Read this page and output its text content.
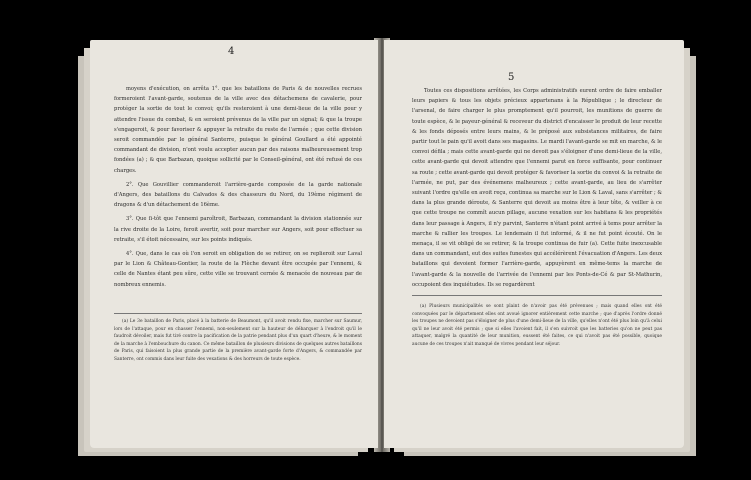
4

moyens d'exécution, on arrêta 1°. que les bataillons de Paris & de nouvelles recrues formeroient l'avant-garde, soutenus de la ville avec des détachemens de cavalerie, pour protéger la sortie de tout le convoi; qu'ils resteroient à une demi-lieue de la ville pour y attendre l'issue du combat, & en seroient prévenus de la ville par un signal; & que la troupe s'engageroit, & pour favoriser & appuyer la retraite du reste de l'armée ; que cette division seroit commandée par le général Santerre, puisque le général Goullard a été appointé commandant de division, n'ont voulu accepter aucun par des raisons malheureusement trop fondées (a) ; & que Barbazan, quoique sollicité par le Conseil-général, ont été refusé de ces charges.

2°. Que Gouvillier commanderoit l'arrière-garde composée de la garde nationale d'Angers, des bataillons du Calvados & des chasseurs du Nord, du 19ème régiment de dragons & d'un détachement de 16ème.

3°. Que ſi-tôt que l'ennemi paroîtroit, Barbazan, commandant la division stationnée sur la rive droite de la Loire, feroit avertir, soit pour marcher sur Angers, soit pour effectuer sa retraite, s'il étoit nécessaire, sur les points indiqués.

4°. Que, dans le cas où l'on seroit en obligation de se retirer, on se replieroit sur Laval par le Lion & Château-Gontier, la route de la Flèche devant être occupée par l'ennemi, & celle de Nantes étant peu sûre, cette ville se trouvant cernée & menacée de nouveau par de nombreux ennemis.

(a) Le 3e bataillon de Paris, placé à la batterie de Beaumont, qu'il avoit rendu fixe, marcher sur Saumur, lors de l'attaque, pour en chasser l'ennemi, non-seulement sur la hauteur de débarquer à l'endroit qu'il le faudroit dévoiler, mais fut tiré contre la pacification de la patrie pendant plus d'un quart d'heure, & le moment de la marche à l'embouchure du canon. Ce même bataillon de plusieurs divisions de quelques autres bataillons de Paris, qui faisoient la plus grande partie de la première avant-garde forte d'Angers, & commandée par Santerre, ont commis dans leur fuite des vexations & des horreurs de toute espèce.

5

Toutes ces dispositions arrêtées, les Corps administratifs eurent ordre de faire emballer leurs papiers & tous les objets précieux appartenans à la République ; le directeur de l'arsenal, de faire charger le plus promptement qu'il pourroit, les munitions de guerre de toute espèce, & le payeur-général & receveur du district d'encaisser le produit de leur recette & les fonds déposés entre leurs mains, & le préposé aux subsistances militaires, de faire partir tout le pain qu'il avoit dans ses magasins. Le mardi l'avant-garde se mit en marche, & le convoi défila ; mais cette avant-garde qui ne devoit pas s'éloigner d'une demi-lieue de la ville, cette avant-garde qui devoit attendre que l'ennemi parut en force suffisante, pour continuer sa route ; cette avant-garde qui devoit protéger & favoriser la sortie du convoi & la retraite de l'armée, ne put, par des événemens malheureux ; cette avant-garde, au lieu de s'arrêter suivant l'ordre qu'elle en avoit reçu, continua sa marche sur le Lion & Laval, sans s'arrêter ; & dans la plus grande déroute, & Santerre qui devoit au moins être à leur tête, & veiller à ce que cette troupe ne commît aucun pillage, aucune vexation sur les habitans & les propriétés dans leur passage à Angers, il n'y parvint, Santerre n'étant point arrivé à tems pour arrêter la marche & rallier les troupes. Le lendemain il fut informé, & il ne fut point écouté. On le menaça, il se vit obligé de se retirer, & la troupe continua de fuir (a). Cette fuite inexcusable dans un commandant, eut des suites funestes qui accélérèrent l'évacuation d'Angers. Les deux bataillons qui devoient former l'arrière-garde, appuyèrent en même-tems la marche de l'avant-garde & la nouvelle de l'arrivée de l'ennemi par les Ponts-de-Cé & par St-Mathurin, occupoient des inquiétudes. Ils se regardèrent

(a) Plusieurs municipalités se sont plaint de n'avoir pas été prévenues ; mais quand elles ont été convoquées par le département elles ont avoué ignorer entièrement cette marche ; que d'après l'ordre donné les troupes ne devoient pas s'éloigner de plus d'une demi-lieue de la ville, qu'elles n'ont été plus loin qu'à celui qu'il ne leur avoit été permis ; que si elles l'avoient fait, il s'en suivroit que les batteries qu'on ne peut pas attaquer, malgré la quantité de leur munition, eussent été faites, ce qui n'avoit pas été possible, quoique aucune de ces troupes n'ait manqué de vivres pendant leur séjour.
